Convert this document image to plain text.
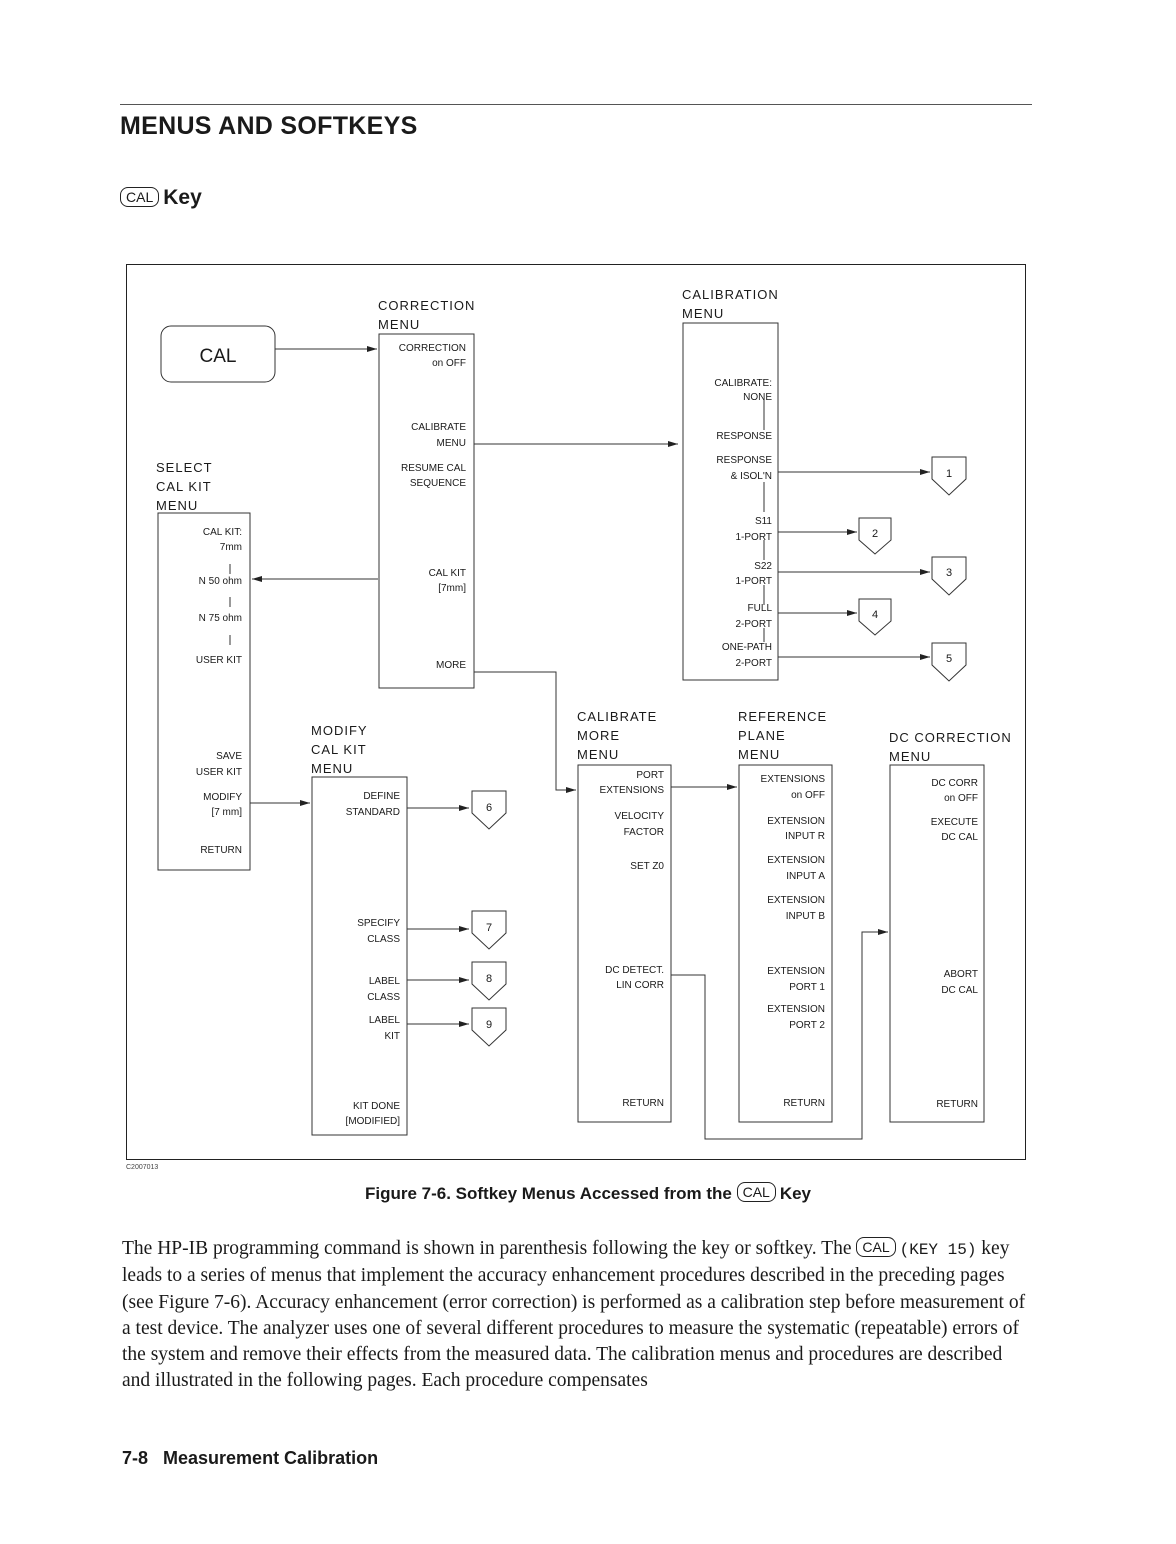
MENUS AND SOFTKEYS
CAL Key
1
2
3
4
5
6
7
8
9
CAL
CORRECTION
MENU
CALIBRATION
MENU
SELECT
CAL KIT
MENU
MODIFY
CAL KIT
MENU
CALIBRATE
MORE
MENU
REFERENCE
PLANE
MENU
DC CORRECTION
MENU
CORRECTION
on OFF
CALIBRATE
MENU
RESUME CAL
SEQUENCE
CAL KIT
[7mm]
MORE
CALIBRATE:
NONE
RESPONSE
RESPONSE
& ISOL'N
S11
1-PORT
S22
1-PORT
FULL
2-PORT
ONE-PATH
2-PORT
CAL KIT:
7mm
N 50 ohm
N 75 ohm
USER KIT
SAVE
USER KIT
MODIFY
[7 mm]
RETURN
DEFINE
STANDARD
SPECIFY
CLASS
LABEL
CLASS
LABEL
KIT
KIT DONE
[MODIFIED]
PORT
EXTENSIONS
VELOCITY
FACTOR
SET Z0
DC DETECT.
LIN CORR
RETURN
EXTENSIONS
on OFF
EXTENSION
INPUT R
EXTENSION
INPUT A
EXTENSION
INPUT B
EXTENSION
PORT 1
EXTENSION
PORT 2
RETURN
DC CORR
on OFF
EXECUTE
DC CAL
ABORT
DC CAL
RETURN
C2007013
Figure 7-6. Softkey Menus Accessed from the CAL Key
The HP-IB programming command is shown in parenthesis following the key or softkey. The CAL (KEY 15) key leads to a series of menus that implement the accuracy enhancement procedures described in the preceding pages (see Figure 7-6). Accuracy enhancement (error correction) is performed as a calibration step before measurement of a test device. The analyzer uses one of several different procedures to measure the systematic (repeatable) errors of the system and remove their effects from the measured data. The calibration menus and procedures are described and illustrated in the following pages. Each procedure compensates
7-8   Measurement Calibration
